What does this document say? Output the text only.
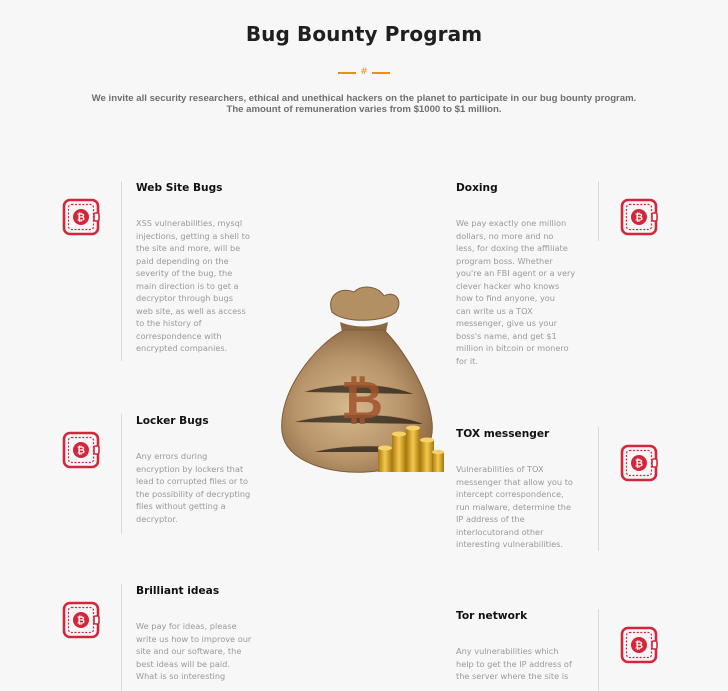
Bug Bounty Program
#
We invite all security researchers, ethical and unethical hackers on the planet to participate in our bug bounty program.
The amount of remuneration varies from $1000 to $1 million.
Web Site Bugs

XSS vulnerabilities, mysql
injections, getting a shell to
the site and more, will be
paid depending on the
severity of the bug, the
main direction is to get a
decryptor through bugs
web site, as well as access
to the history of
correspondence with
encrypted companies.

Locker Bugs

Any errors during
encryption by lockers that
lead to corrupted files or to
the possibility of decrypting
files without getting a
decryptor.

Brilliant ideas

We pay for ideas, please
write us how to improve our
site and our software, the
best ideas will be paid.
What is so interesting

Doxing

We pay exactly one million
dollars, no more and no
less, for doxing the affiliate
program boss. Whether
you're an FBI agent or a very
clever hacker who knows
how to find anyone, you
can write us a TOX
messenger, give us your
boss's name, and get $1
million in bitcoin or monero
for it.

TOX messenger

Vulnerabilities of TOX
messenger that allow you to
intercept correspondence,
run malware, determine the
IP address of the
interlocutorand other
interesting vulnerabilities.

Tor network

Any vulnerabilities which
help to get the IP address of
the server where the site is

₿
